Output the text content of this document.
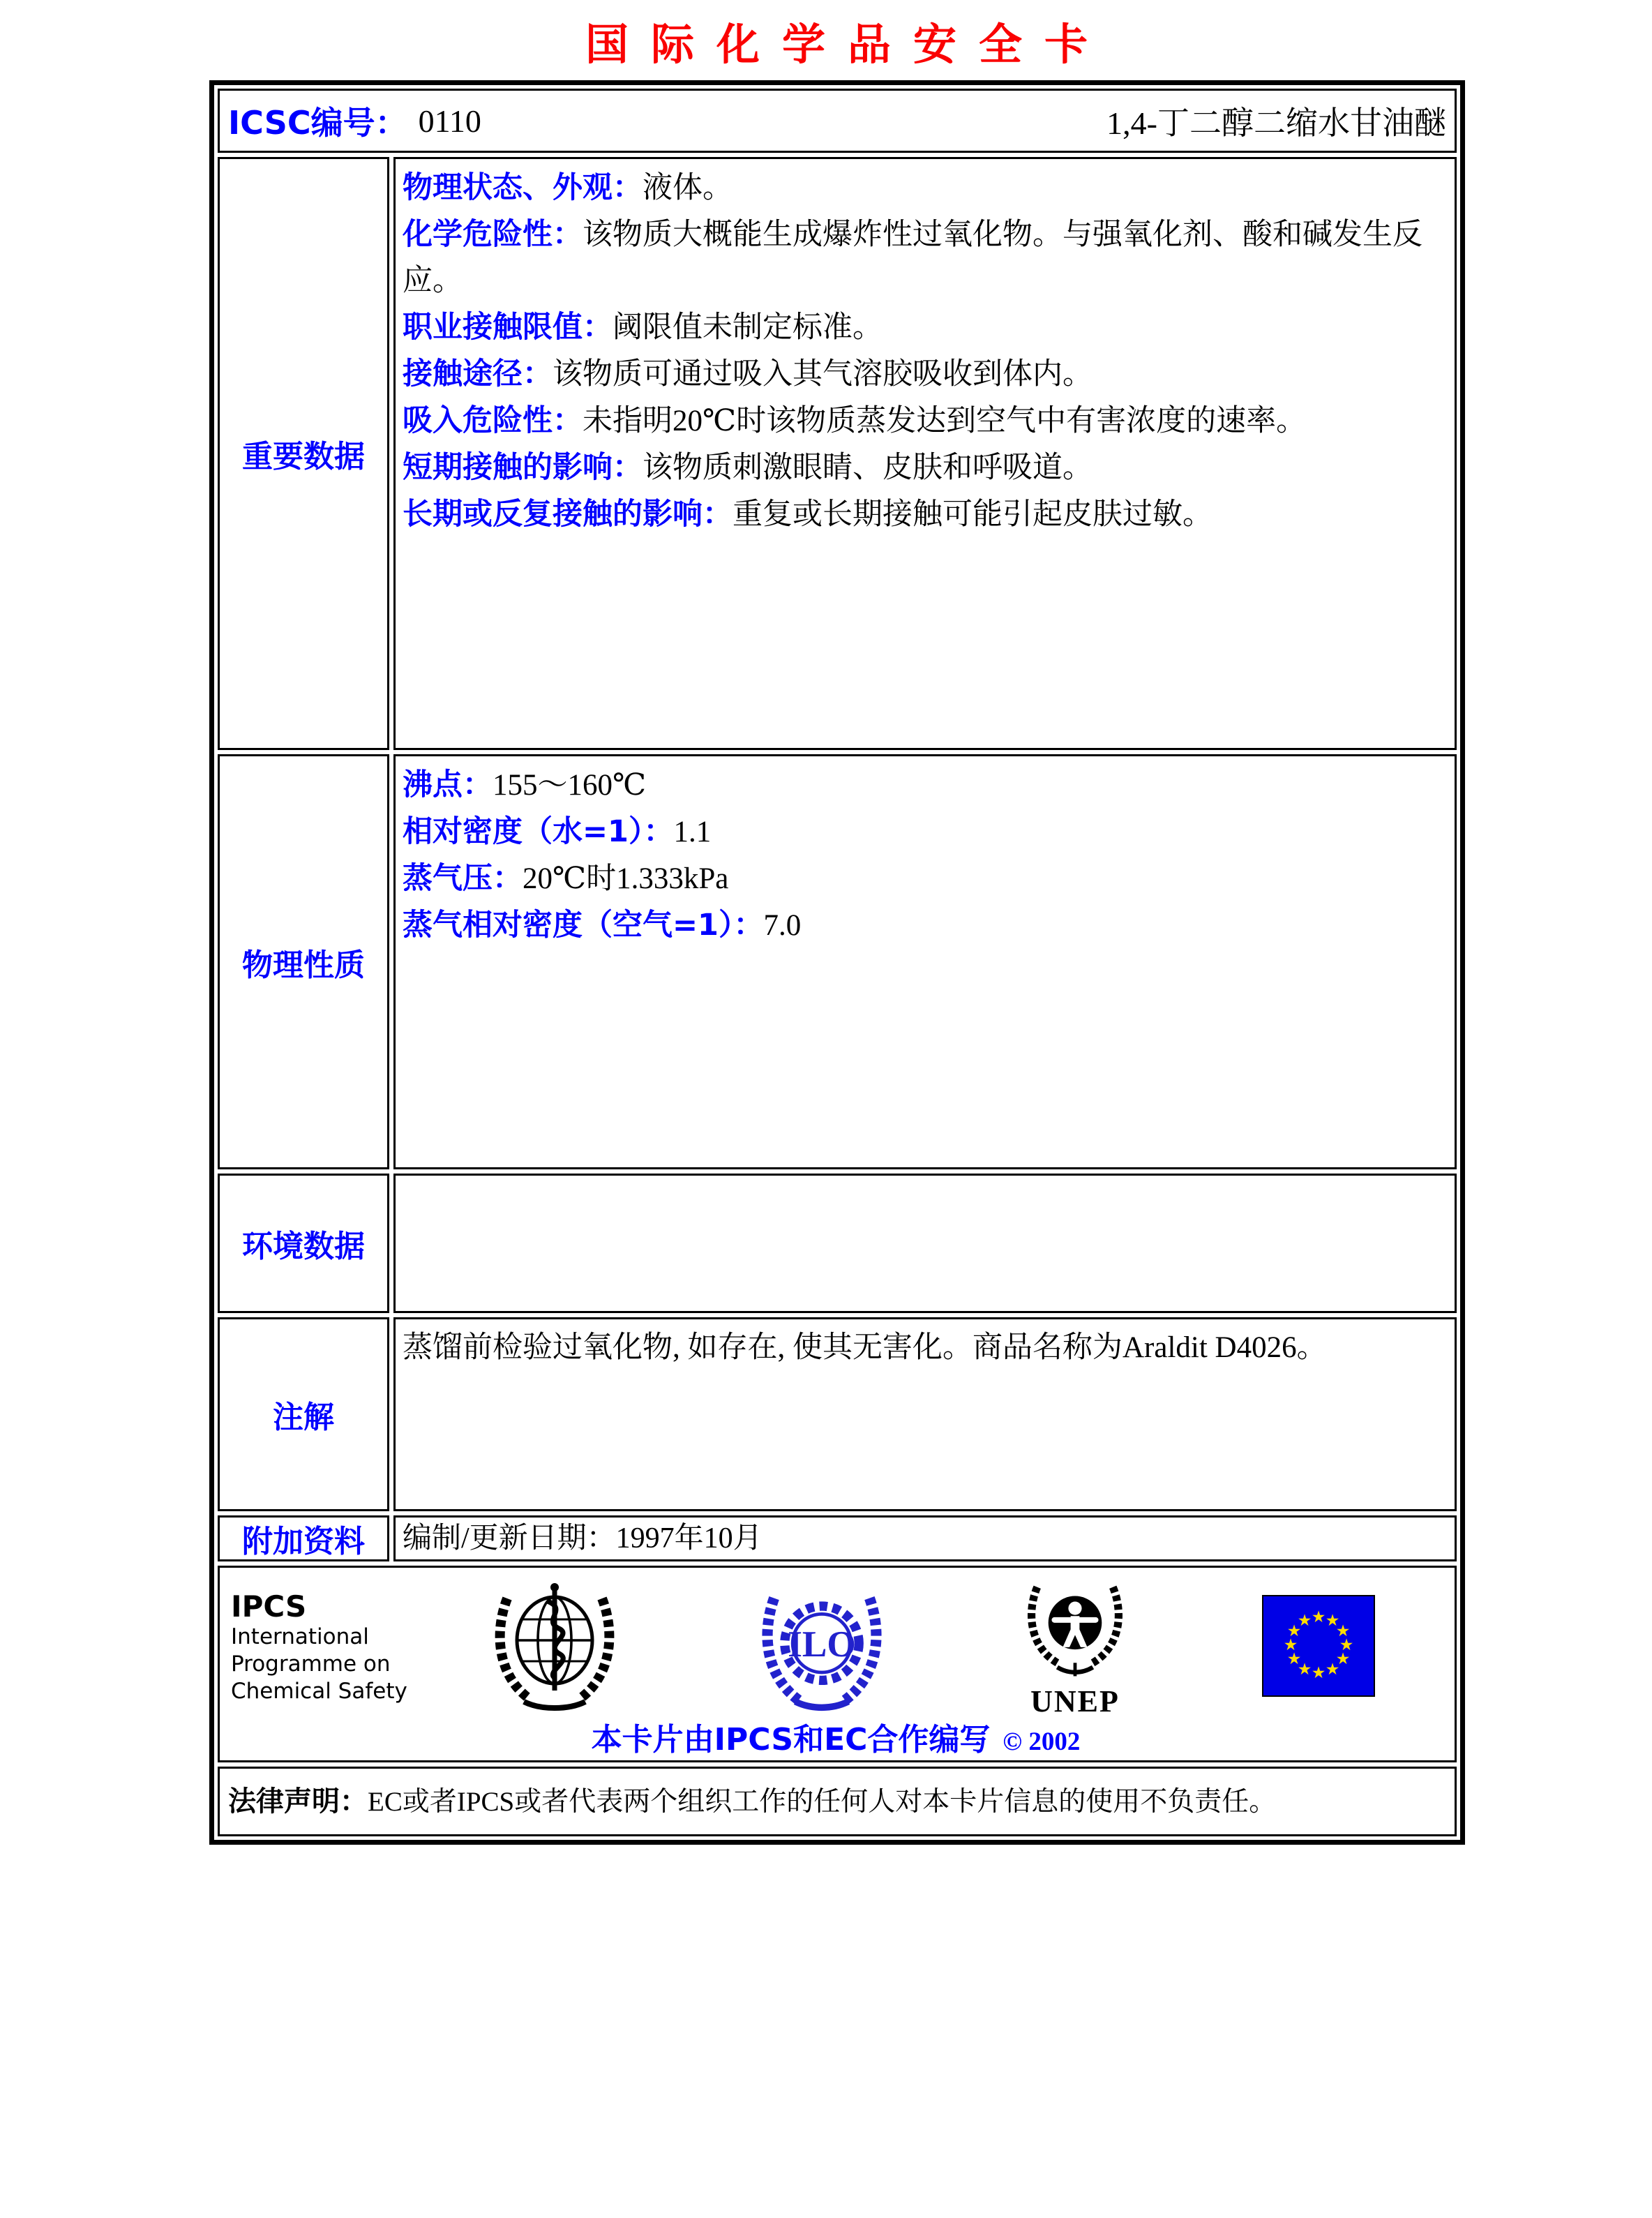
国际化学品安全卡
ICSC编号： 0110	1,4-丁二醇二缩水甘油醚
重要数据

物理状态、外观：液体。

化学危险性：该物质大概能生成爆炸性过氧化物。与强氧化剂、酸和碱发生反应。

职业接触限值：阈限值未制定标准。

接触途径：该物质可通过吸入其气溶胶吸收到体内。

吸入危险性：未指明20℃时该物质蒸发达到空气中有害浓度的速率。

短期接触的影响：该物质刺激眼睛、皮肤和呼吸道。

长期或反复接触的影响：重复或长期接触可能引起皮肤过敏。

物理性质

沸点：155～160℃

相对密度（水=1）：1.1

蒸气压：20℃时1.333kPa

蒸气相对密度（空气=1）：7.0

环境数据
注解

蒸馏前检验过氧化物, 如存在, 使其无害化。商品名称为Araldit D4026。

附加资料	编制/更新日期：1997年10月

IPCS
International
Programme on
Chemical Safety
ILO
UNEP
★ ★
★
★
★
★
★
★
★
★
★
★
本卡片由IPCS和EC合作编写 © 2002

法律声明：EC或者IPCS或者代表两个组织工作的任何人对本卡片信息的使用不负责任。
